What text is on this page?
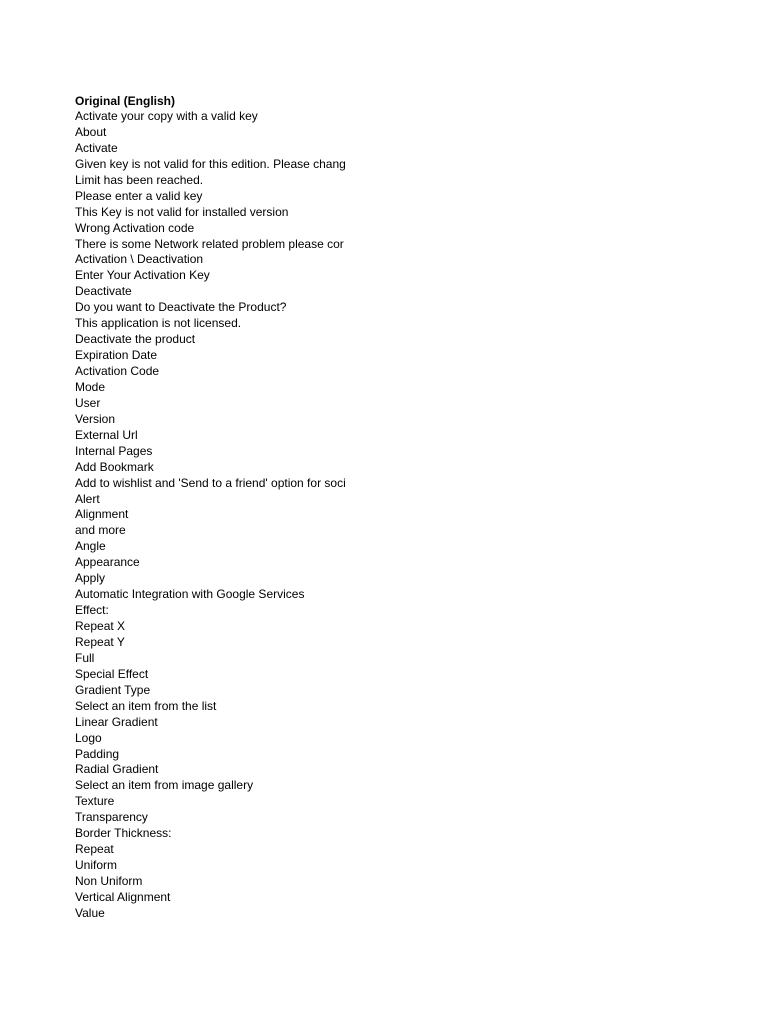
Original (English)
Activate your copy with a valid key
About
Activate
Given key is not valid for this edition. Please chang
Limit has been reached.
Please enter a valid key
This Key is not valid for installed version
Wrong Activation code
There is some Network related problem please cor
Activation \ Deactivation
Enter Your Activation Key
Deactivate
Do you want to Deactivate the Product?
This application is not licensed.
Deactivate the product
Expiration Date
Activation Code
Mode
User
Version
External Url
Internal Pages
Add Bookmark
Add to wishlist and 'Send to a friend' option for soci
Alert
Alignment
and more
Angle
Appearance
Apply
Automatic Integration with Google Services
Effect:
Repeat X
Repeat Y
Full
Special Effect
Gradient Type
Select an item from the list
Linear Gradient
Logo
Padding
Radial Gradient
Select an item from image gallery
Texture
Transparency
Border Thickness:
Repeat
Uniform
Non Uniform
Vertical Alignment
Value
